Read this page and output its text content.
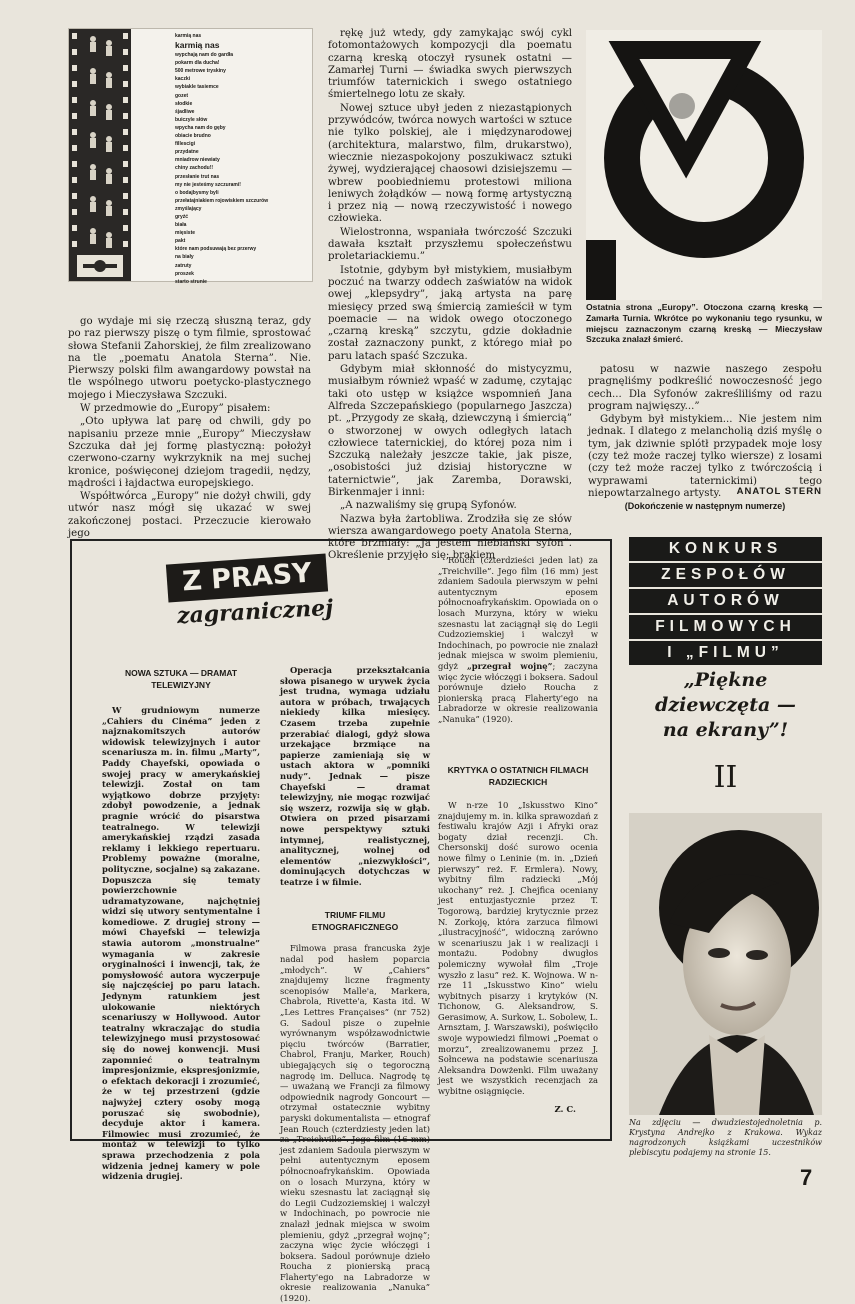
karmią nas
karmią nas
wypchają nam do gardła
pokarm dla ducha!
500 metrowe tryskiny
kaczki
wybiakle tasiemce
gozet
słodkie
śjadliwe
buiczyle słów
wpycha nam do gęby
obiacie brudno
fillescigi
przydatne
mniadrow niewiaty
chiny zachodu!!
przesłanie trut nas
my nie jesteśmy szczurami!
o bodajbysmy byli
przełatajniakiem rojowiskiem szczurów
zmyślający
gryźć
biała
mięsiste
pakt
które nam podsuwają bez przerwy
na biały
zatruty
proszek
starto strunie

go wydaje mi się rzeczą słuszną teraz, gdy po raz pierwszy piszę o tym filmie, sprostować słowa Stefanii Zahorskiej, że film zrealizowano na tle „poematu Anatola Sterna”. Nie. Pierwszy polski film awangardowy powstał na tle wspólnego utworu poetycko-plastycznego mojego i Mieczysława Szczuki.

W przedmowie do „Europy” pisałem:

„Oto upływa lat parę od chwili, gdy po napisaniu przeze mnie „Europy” Mieczysław Szczuka dał jej formę plastyczną: położył czerwono-czarny wykrzyknik na mej suchej kronice, poświęconej dziejom tragedii, nędzy, mądrości i łajdactwa europejskiego.

Współtwórca „Europy” nie dożył chwili, gdy utwór nasz mógł się ukazać w swej zakończonej postaci. Przeczucie kierowało jego

rękę już wtedy, gdy zamykając swój cykl fotomontażowych kompozycji dla poematu czarną kreską otoczył rysunek ostatni — Zamarłej Turni — świadka swych pierwszych triumfów taternickich i swego ostatniego śmiertelnego lotu ze skały.

Nowej sztuce ubył jeden z niezastąpionych przywódców, twórca nowych wartości w sztuce nie tylko polskiej, ale i międzynarodowej (architektura, malarstwo, film, drukarstwo), wiecznie niezaspokojony poszukiwacz sztuki żywej, wydzierającej chaosowi dzisiejszemu — wbrew poobiedniemu protestowi miliona leniwych żołądków — nową formę artystyczną i przez nią — nową rzeczywistość i nowego człowieka.

Wielostronna, wspaniała twórczość Szczuki dawała kształt przyszłemu społeczeństwu proletariackiemu.”

Istotnie, gdybym był mistykiem, musiałbym poczuć na twarzy oddech zaświatów na widok owej „klepsydry”, jaką artysta na parę miesięcy przed swą śmiercią zamieścił w tym poemacie — na widok owego otoczonego „czarną kreską” szczytu, gdzie dokładnie został zaznaczony punkt, z którego miał po paru latach spaść Szczuka.

Gdybym miał skłonność do mistycyzmu, musiałbym również wpaść w zadumę, czytając taki oto ustęp w książce wspomnień Jana Alfreda Szczepańskiego (popularnego Jaszcza) pt. „Przygody ze skałą, dziewczyną i śmiercią” o stworzonej w owych odległych latach człowiece taternickiej, do której poza nim i Szczuką należały jeszcze takie, jak pisze, „osobistości już dzisiaj historyczne w taternictwie”, jak Zaremba, Dorawski, Birkenmajer i inni:

„A nazwaliśmy się grupą Syfonów.

Nazwa była żartobliwa. Zrodziła się ze słów wiersza awangardowego poety Anatola Sterna, które brzmiały: „Ja jestem niebiański syfon”. Określenie przyjęło się; brakiem

Ostatnia strona „Europy”. Otoczona czarną kreską — Zamarła Turnia. Wkrótce po wykonaniu tego rysunku, w miejscu zaznaczonym czarną kreską — Mieczysław Szczuka znalazł śmierć.

patosu w nazwie naszego zespołu pragnęliśmy podkreślić nowoczesność jego cech... Dla Syfonów zakreśliliśmy od razu program najwięszy...”

Gdybym był mistykiem... Nie jestem nim jednak. I dlatego z melancholią dziś myślę o tym, jak dziwnie splótł przypadek moje losy (czy też może raczej tylko wiersze) z losami (czy też może raczej tylko z twórczością i wyprawami taternickimi) tego niepowtarzalnego artysty.	ANATOL STERN
(Dokończenie w następnym numerze)
Z PRASY
zagranicznej
NOWA SZTUKA — DRAMAT TELEWIZYJNY

W grudniowym numerze „Cahiers du Cinéma” jeden z najznakomitszych autorów widowisk telewizyjnych i autor scenariusza m. in. filmu „Marty”, Paddy Chayefski, opowiada o swojej pracy w amerykańskiej telewizji. Został on tam wyjątkowo dobrze przyjęty: zdobył powodzenie, a jednak pragnie wrócić do pisarstwa teatralnego. W telewizji amerykańskiej rządzi zasada reklamy i lekkiego repertuaru. Problemy poważne (moralne, polityczne, socjalne) są zakazane. Dopuszcza się tematy powierzchownie udramatyzowane, najchętniej widzi się utwory sentymentalne i komediowe. Z drugiej strony — mówi Chayefski — telewizja stawia autorom „monstrualne” wymagania w zakresie oryginalności i inwencji, tak, że pomysłowość autora wyczerpuje się najczęściej po paru latach. Jedynym ratunkiem jest ulokowanie niektórych scenariuszy w Hollywood. Autor teatralny wkraczając do studia telewizyjnego musi przystosować się do nowej konwencji. Musi zapomnieć o teatralnym impresjonizmie, ekspresjonizmie, o efektach dekoracji i zrozumieć, że w tej przestrzeni (gdzie najwyżej cztery osoby mogą poruszać się swobodnie), decyduje aktor i kamera. Filmowiec musi zrozumieć, że montaż w telewizji to tylko sprawa przechodzenia z pola widzenia jednej kamery w pole widzenia drugiej.

Operacja przekształcania słowa pisanego w urywek życia jest trudna, wymaga udziału autora w próbach, trwających niekiedy kilka miesięcy. Czasem trzeba zupełnie przerabiać dialogi, gdyż słowa urzekające brzmiące na papierze zamieniają się w ustach aktora w „pomniki nudy”. Jednak — pisze Chayefski — dramat telewizyjny, nie mogąc rozwijać się wszerz, rozwija się w głąb. Otwiera on przed pisarzami nowe perspektywy sztuki intymnej, realistycznej, analitycznej, wolnej od elementów „niezwykłości”, dominujących dotychczas w teatrze i w filmie.

TRIUMF FILMU ETNOGRAFICZNEGO

Filmowa prasa francuska żyje nadal pod hasłem poparcia „młodych”. W „Cahiers” znajdujemy liczne fragmenty scenopisów Malle'a, Markera, Chabrola, Rivette'a, Kasta itd. W „Les Lettres Françaises” (nr 752) G. Sadoul pisze o zupełnie wyrównanym współzawodnictwie pięciu twórców (Barratier, Chabrol, Franju, Marker, Rouch) ubiegających się o tegoroczną nagrodę im. Delluca. Nagrodę tę — uważaną we Francji za filmowy odpowiednik nagrody Goncourt — otrzymał ostatecznie wybitny paryski dokumentalista — etnograf Jean Rouch (czterdziesty jeden lat) za „Treichville”. Jego film (16 mm) jest zdaniem Sadoula pierwszym w pełni autentycznym eposem północnoafrykańskim. Opowiada on o losach Murzyna, który w wieku szesnastu lat zaciągnął się do Legii Cudzoziemskiej i walczył w Indochinach, po powrocie nie znalazł jednak miejsca w swoim plemieniu, gdyż „przegrał wojnę”; zaczyna więc życie włóczęgi i boksera. Sadoul porównuje dzieło Roucha z pionierską pracą Flaherty'ego na Labradorze w okresie realizowania „Nanuka” (1920).

Rouch (czterdzieści jeden lat) za „Treichville”. Jego film (16 mm) jest zdaniem Sadoula pierwszym w pełni autentycznym eposem północnoafrykańskim. Opowiada on o losach Murzyna, który w wieku szesnastu lat zaciągnął się do Legii Cudzoziemskiej i walczył w Indochinach, po powrocie nie znalazł jednak miejsca w swoim plemieniu, gdyż „przegrał wojnę”; zaczyna więc życie włóczęgi i boksera. Sadoul porównuje dzieło Roucha z pionierską pracą Flaherty'ego na Labradorze w okresie realizowania „Nanuka” (1920).

KRYTYKA O OSTATNICH FILMACH RADZIECKICH

W n-rze 10 „Iskusstwo Kino” znajdujemy m. in. kilka sprawozdań z festiwalu krajów Azji i Afryki oraz bogaty dział recenzji. Ch. Chersonskij dość surowo ocenia nowe filmy o Leninie (m. in. „Dzień pierwszy” reż. F. Ermlera). Nowy, wybitny film radziecki „Mój ukochany” reż. J. Chejfica oceniany jest entuzjastycznie przez T. Togorową, bardziej krytycznie przez N. Zorkoję, która zarzuca filmowi „ilustracyjność”, widoczną zarówno w scenariuszu jak i w realizacji i montażu. Podobny dwugłos polemiczny wywołał film „Troje wyszło z lasu” reż. K. Wojnowa. W n-rze 11 „Iskusstwo Kino” wielu wybitnych pisarzy i krytyków (N. Tichonow, G. Aleksandrow, S. Gerasimow, A. Surkow, L. Sobolew, L. Arnsztam, J. Warszawski), poświęciło swoje wypowiedzi filmowi „Poemat o morzu”, zrealizowanemu przez J. Sołncewa na podstawie scenariusza Aleksandra Dowżenki. Film uważany jest we wszystkich recenzjach za wybitne osiągnięcie.

Z. C.
KONKURS
ZESPOŁÓW
AUTORÓW
FILMOWYCH
I „FILMU”
„Piękne
dziewczęta —
na ekrany”!
II
Na zdjęciu — dwudziestojednoletnia p. Krystyna Andrejko z Krakowa. Wykaz nagrodzonych książkami uczestników plebiscytu podajemy na stronie 15.
7
